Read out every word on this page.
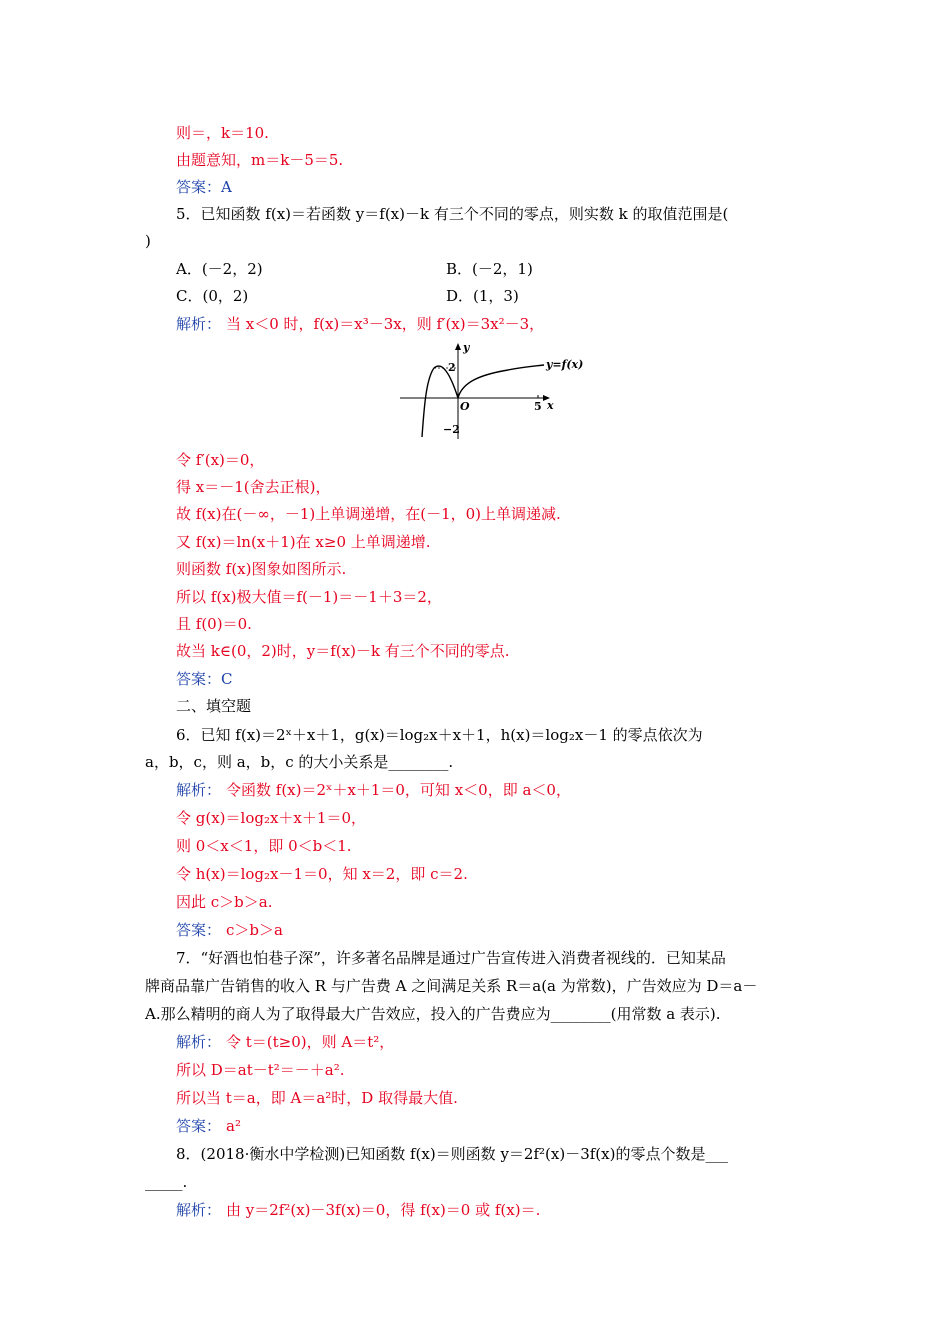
则＝，k＝10.
由题意知，m＝k－5＝5.
答案：A
5．已知函数 f(x)＝若函数 y＝f(x)－k 有三个不同的零点，则实数 k 的取值范围是(
)
A．(－2，2)	B．(－2，1)
C．(0，2)	D．(1，3)
解析： 当 x＜0 时，f(x)＝x³－3x，则 f′(x)＝3x²－3，
令 f′(x)＝0，
得 x＝－1(舍去正根)，
故 f(x)在(－∞，－1)上单调递增，在(－1，0)上单调递减.
又 f(x)＝ln(x＋1)在 x≥0 上单调递增.
则函数 f(x)图象如图所示.
所以 f(x)极大值＝f(－1)＝－1＋3＝2，
且 f(0)＝0.
故当 k∈(0，2)时，y＝f(x)－k 有三个不同的零点.
答案：C
二、填空题
6．已知 f(x)＝2ˣ＋x＋1，g(x)＝log₂x＋x＋1，h(x)＝log₂x－1 的零点依次为
a，b，c，则 a，b，c 的大小关系是________.
解析： 令函数 f(x)＝2ˣ＋x＋1＝0，可知 x＜0，即 a＜0，
令 g(x)＝log₂x＋x＋1＝0，
则 0＜x＜1，即 0＜b＜1.
令 h(x)＝log₂x－1＝0，知 x＝2，即 c＝2.
因此 c＞b＞a.
答案： c＞b＞a
7．“好酒也怕巷子深”，许多著名品牌是通过广告宣传进入消费者视线的．已知某品
牌商品靠广告销售的收入 R 与广告费 A 之间满足关系 R＝a(a 为常数)，广告效应为 D＝a－
A.那么精明的商人为了取得最大广告效应，投入的广告费应为________(用常数 a 表示).
解析： 令 t＝(t≥0)，则 A＝t²，
所以 D＝at－t²＝－＋a².
所以当 t＝a，即 A＝a²时，D 取得最大值.
答案： a²
8．(2018·衡水中学检测)已知函数 f(x)＝则函数 y＝2f²(x)－3f(x)的零点个数是___
_____.
解析： 由 y＝2f²(x)－3f(x)＝0，得 f(x)＝0 或 f(x)＝.
y=f(x)
x
y
O	5
2
−2
